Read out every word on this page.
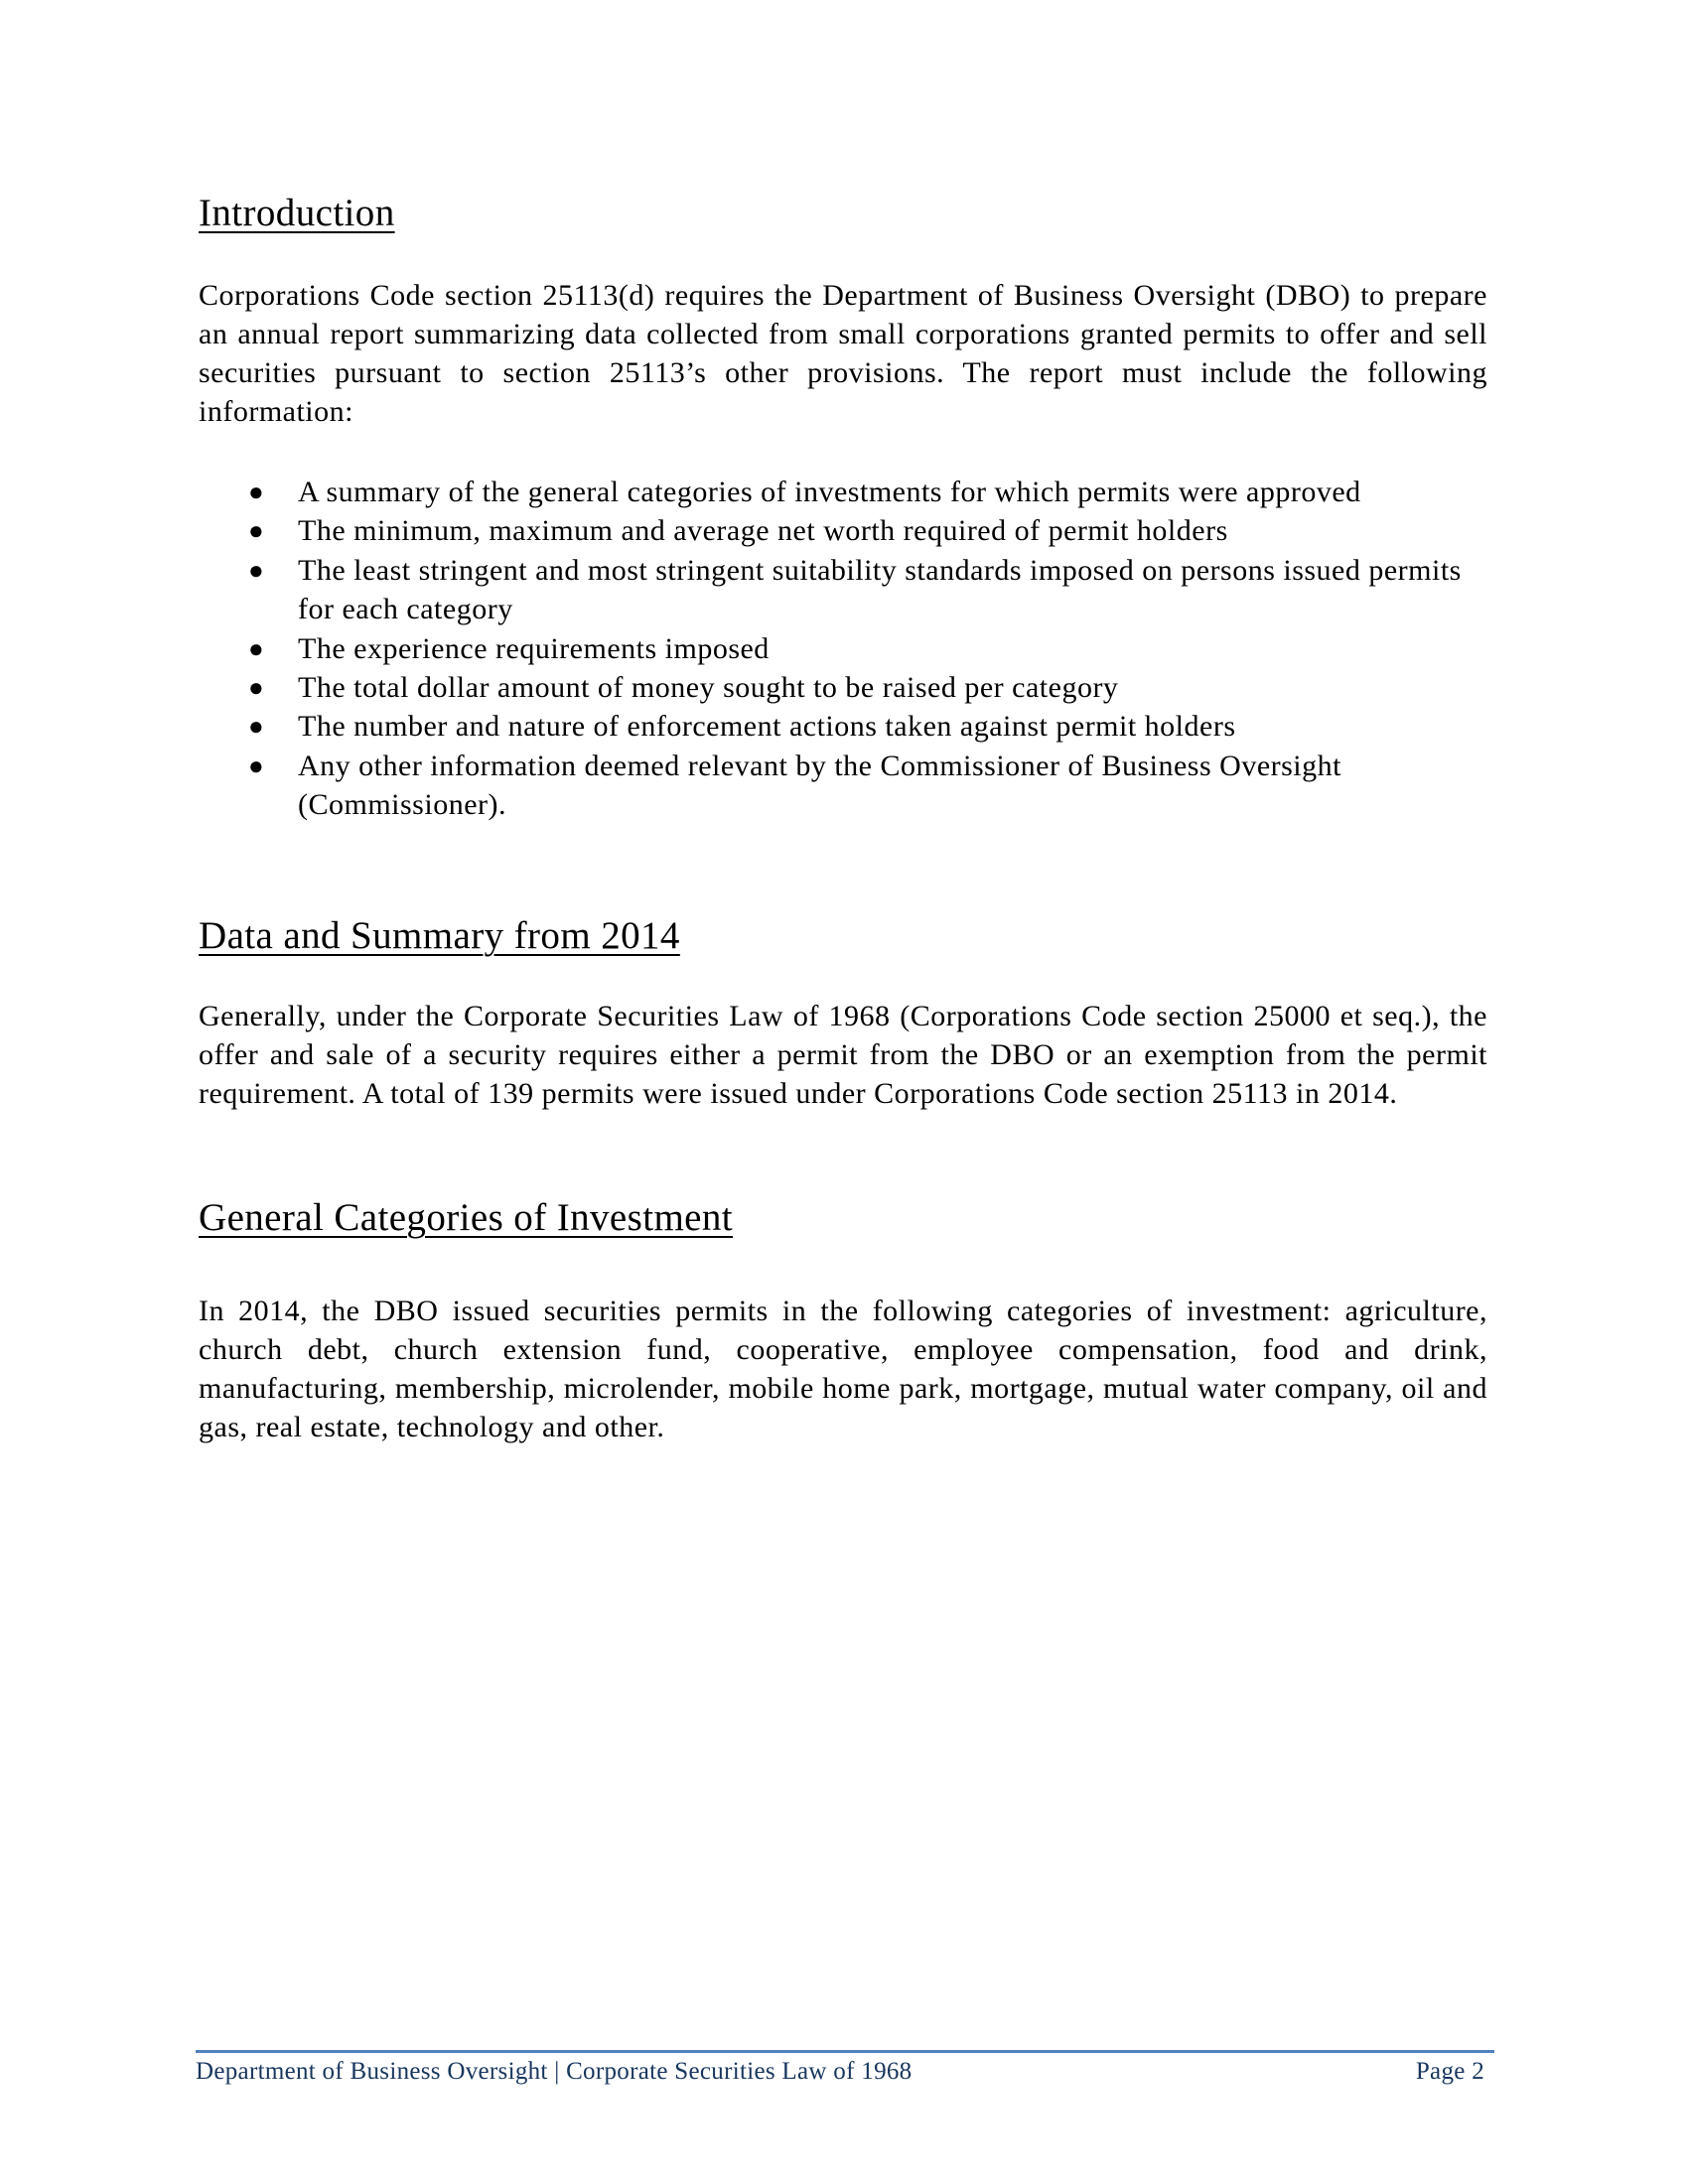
Introduction

Corporations Code section 25113(d) requires the Department of Business Oversight (DBO) to prepare an annual report summarizing data collected from small corporations granted permits to offer and sell securities pursuant to section 25113’s other provisions. The report must include the following information:

● A summary of the general categories of investments for which permits were approved
● The minimum, maximum and average net worth required of permit holders
● The least stringent and most stringent suitability standards imposed on persons issued permits for each category
● The experience requirements imposed
● The total dollar amount of money sought to be raised per category
● The number and nature of enforcement actions taken against permit holders
● Any other information deemed relevant by the Commissioner of Business Oversight (Commissioner).
Data and Summary from 2014

Generally, under the Corporate Securities Law of 1968 (Corporations Code section 25000 et seq.), the offer and sale of a security requires either a permit from the DBO or an exemption from the permit requirement. A total of 139 permits were issued under Corporations Code section 25113 in 2014.

General Categories of Investment

In 2014, the DBO issued securities permits in the following categories of investment: agriculture, church debt, church extension fund, cooperative, employee compensation, food and drink, manufacturing, membership, microlender, mobile home park, mortgage, mutual water company, oil and gas, real estate, technology and other.

Department of Business Oversight | Corporate Securities Law of 1968	Page 2
